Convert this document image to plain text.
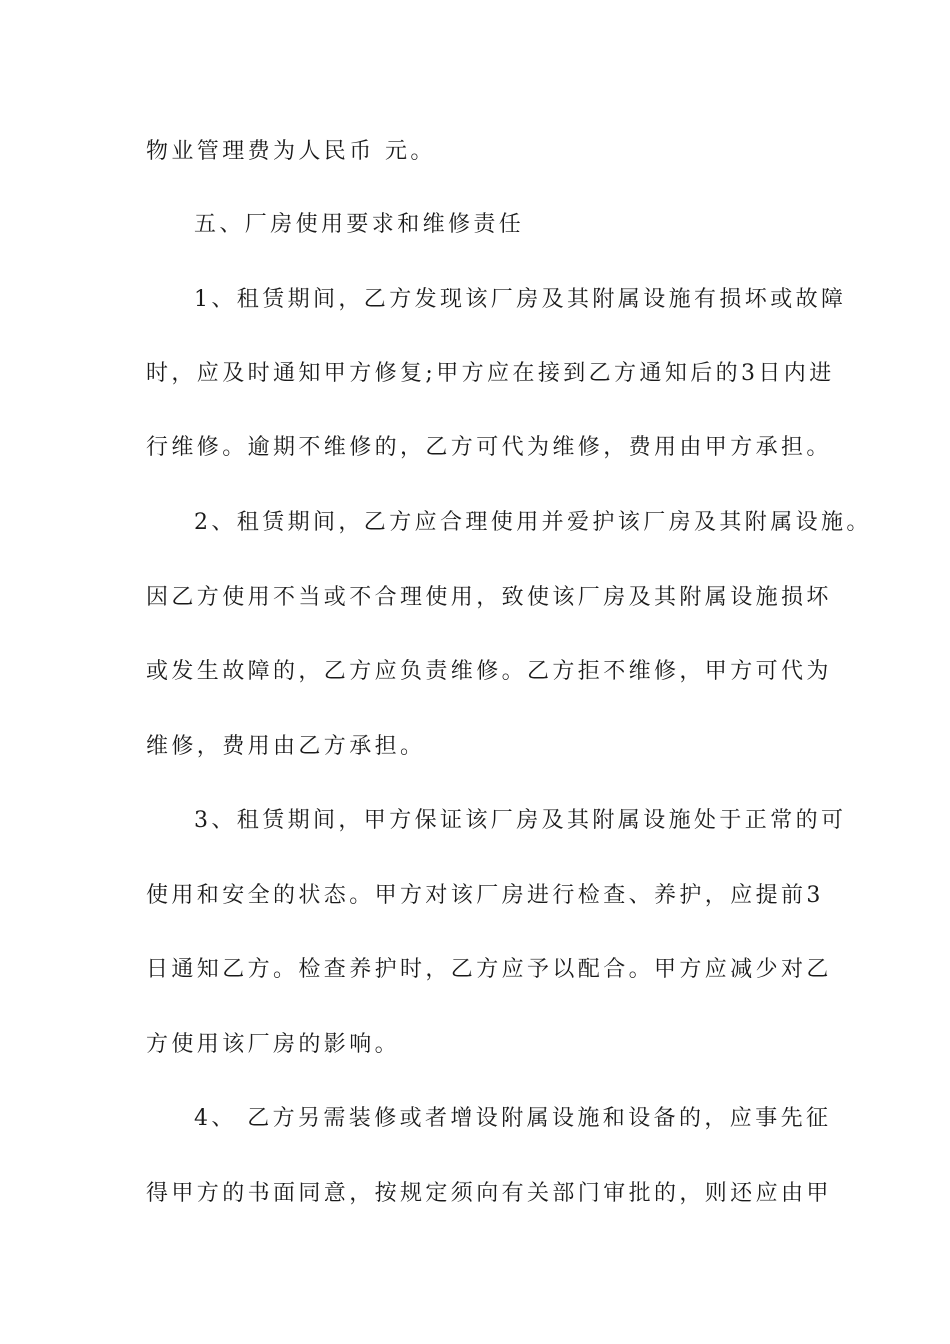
物业管理费为人民币 元。
五、厂房使用要求和维修责任
1、租赁期间，乙方发现该厂房及其附属设施有损坏或故障
时，应及时通知甲方修复;甲方应在接到乙方通知后的3日内进
行维修。逾期不维修的，乙方可代为维修，费用由甲方承担。
2、租赁期间，乙方应合理使用并爱护该厂房及其附属设施。
因乙方使用不当或不合理使用，致使该厂房及其附属设施损坏
或发生故障的，乙方应负责维修。乙方拒不维修，甲方可代为
维修，费用由乙方承担。
3、租赁期间，甲方保证该厂房及其附属设施处于正常的可
使用和安全的状态。甲方对该厂房进行检查、养护，应提前3
日通知乙方。检查养护时，乙方应予以配合。甲方应减少对乙
方使用该厂房的影响。
4、 乙方另需装修或者增设附属设施和设备的，应事先征
得甲方的书面同意，按规定须向有关部门审批的，则还应由甲
